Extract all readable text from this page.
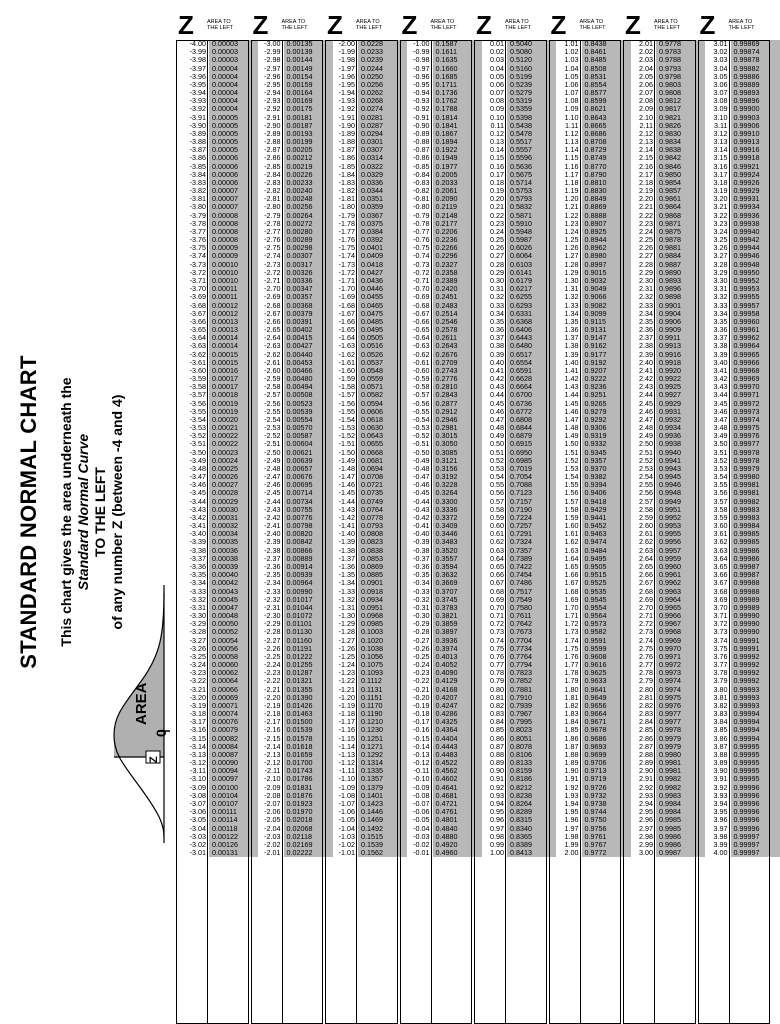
STANDARD NORMAL CHART This chart gives the area underneath the Standard Normal Curve TO THE LEFT of any number Z (between -4 and 4)
AREA
Z
0
Z AREA TO
THE LEFT
-4.00 0.00003
-3.99 0.00003
-3.98 0.00003
-3.97 0.00004
-3.96 0.00004
-3.95 0.00004
-3.94 0.00004
-3.93 0.00004
-3.92 0.00004
-3.91 0.00005
-3.90 0.00005
-3.89 0.00005
-3.88 0.00005
-3.87 0.00005
-3.86 0.00006
-3.85 0.00006
-3.84 0.00006
-3.83 0.00006
-3.82 0.00007
-3.81 0.00007
-3.80 0.00007
-3.79 0.00008
-3.78 0.00008
-3.77 0.00008
-3.76 0.00008
-3.75 0.00009
-3.74 0.00009
-3.73 0.00010
-3.72 0.00010
-3.71 0.00010
-3.70 0.00011
-3.69 0.00011
-3.68 0.00012
-3.67 0.00012
-3.66 0.00013
-3.65 0.00013
-3.64 0.00014
-3.63 0.00014
-3.62 0.00015
-3.61 0.00015
-3.60 0.00016
-3.59 0.00017
-3.58 0.00017
-3.57 0.00018
-3.56 0.00019
-3.55 0.00019
-3.54 0.00020
-3.53 0.00021
-3.52 0.00022
-3.51 0.00022
-3.50 0.00023
-3.49 0.00024
-3.48 0.00025
-3.47 0.00026
-3.46 0.00027
-3.45 0.00028
-3.44 0.00029
-3.43 0.00030
-3.42 0.00031
-3.41 0.00032
-3.40 0.00034
-3.39 0.00035
-3.38 0.00036
-3.37 0.00038
-3.36 0.00039
-3.35 0.00040
-3.34 0.00042
-3.33 0.00043
-3.32 0.00045
-3.31 0.00047
-3.30 0.00048
-3.29 0.00050
-3.28 0.00052
-3.27 0.00054
-3.26 0.00056
-3.25 0.00058
-3.24 0.00060
-3.23 0.00062
-3.22 0.00064
-3.21 0.00066
-3.20 0.00069
-3.19 0.00071
-3.18 0.00074
-3.17 0.00076
-3.16 0.00079
-3.15 0.00082
-3.14 0.00084
-3.13 0.00087
-3.12 0.00090
-3.11 0.00094
-3.10 0.00097
-3.09 0.00100
-3.08 0.00104
-3.07 0.00107
-3.06 0.00111
-3.05 0.00114
-3.04 0.00118
-3.03 0.00122
-3.02 0.00126
-3.01 0.00131
Z AREA TO
THE LEFT
-3.00 0.00135
-2.99 0.00139
-2.98 0.00144
-2.97 0.00149
-2.96 0.00154
-2.95 0.00159
-2.94 0.00164
-2.93 0.00169
-2.92 0.00175
-2.91 0.00181
-2.90 0.00187
-2.89 0.00193
-2.88 0.00199
-2.87 0.00205
-2.86 0.00212
-2.85 0.00219
-2.84 0.00226
-2.83 0.00233
-2.82 0.00240
-2.81 0.00248
-2.80 0.00256
-2.79 0.00264
-2.78 0.00272
-2.77 0.00280
-2.76 0.00289
-2.75 0.00298
-2.74 0.00307
-2.73 0.00317
-2.72 0.00326
-2.71 0.00336
-2.70 0.00347
-2.69 0.00357
-2.68 0.00368
-2.67 0.00379
-2.66 0.00391
-2.65 0.00402
-2.64 0.00415
-2.63 0.00427
-2.62 0.00440
-2.61 0.00453
-2.60 0.00466
-2.59 0.00480
-2.58 0.00494
-2.57 0.00508
-2.56 0.00523
-2.55 0.00539
-2.54 0.00554
-2.53 0.00570
-2.52 0.00587
-2.51 0.00604
-2.50 0.00621
-2.49 0.00639
-2.48 0.00657
-2.47 0.00676
-2.46 0.00695
-2.45 0.00714
-2.44 0.00734
-2.43 0.00755
-2.42 0.00776
-2.41 0.00798
-2.40 0.00820
-2.39 0.00842
-2.38 0.00866
-2.37 0.00889
-2.36 0.00914
-2.35 0.00939
-2.34 0.00964
-2.33 0.00990
-2.32 0.01017
-2.31 0.01044
-2.30 0.01072
-2.29 0.01101
-2.28 0.01130
-2.27 0.01160
-2.26 0.01191
-2.25 0.01222
-2.24 0.01255
-2.23 0.01287
-2.22 0.01321
-2.21 0.01355
-2.20 0.01390
-2.19 0.01426
-2.18 0.01463
-2.17 0.01500
-2.16 0.01539
-2.15 0.01578
-2.14 0.01618
-2.13 0.01659
-2.12 0.01700
-2.11 0.01743
-2.10 0.01786
-2.09 0.01831
-2.08 0.01876
-2.07 0.01923
-2.06 0.01970
-2.05 0.02018
-2.04 0.02068
-2.03 0.02118
-2.02 0.02169
-2.01 0.02222
Z AREA TO
THE LEFT
-2.00 0.0228
-1.99 0.0233
-1.98 0.0239
-1.97 0.0244
-1.96 0.0250
-1.95 0.0256
-1.94 0.0262
-1.93 0.0268
-1.92 0.0274
-1.91 0.0281
-1.90 0.0287
-1.89 0.0294
-1.88 0.0301
-1.87 0.0307
-1.86 0.0314
-1.85 0.0322
-1.84 0.0329
-1.83 0.0336
-1.82 0.0344
-1.81 0.0351
-1.80 0.0359
-1.79 0.0367
-1.78 0.0375
-1.77 0.0384
-1.76 0.0392
-1.75 0.0401
-1.74 0.0409
-1.73 0.0418
-1.72 0.0427
-1.71 0.0436
-1.70 0.0446
-1.69 0.0455
-1.68 0.0465
-1.67 0.0475
-1.66 0.0485
-1.65 0.0495
-1.64 0.0505
-1.63 0.0516
-1.62 0.0526
-1.61 0.0537
-1.60 0.0548
-1.59 0.0559
-1.58 0.0571
-1.57 0.0582
-1.56 0.0594
-1.55 0.0606
-1.54 0.0618
-1.53 0.0630
-1.52 0.0643
-1.51 0.0655
-1.50 0.0668
-1.49 0.0681
-1.48 0.0694
-1.47 0.0708
-1.46 0.0721
-1.45 0.0735
-1.44 0.0749
-1.43 0.0764
-1.42 0.0778
-1.41 0.0793
-1.40 0.0808
-1.39 0.0823
-1.38 0.0838
-1.37 0.0853
-1.36 0.0869
-1.35 0.0885
-1.34 0.0901
-1.33 0.0918
-1.32 0.0934
-1.31 0.0951
-1.30 0.0968
-1.29 0.0985
-1.28 0.1003
-1.27 0.1020
-1.26 0.1038
-1.25 0.1056
-1.24 0.1075
-1.23 0.1093
-1.22 0.1112
-1.21 0.1131
-1.20 0.1151
-1.19 0.1170
-1.18 0.1190
-1.17 0.1210
-1.16 0.1230
-1.15 0.1251
-1.14 0.1271
-1.13 0.1292
-1.12 0.1314
-1.11 0.1335
-1.10 0.1357
-1.09 0.1379
-1.08 0.1401
-1.07 0.1423
-1.06 0.1446
-1.05 0.1469
-1.04 0.1492
-1.03 0.1515
-1.02 0.1539
-1.01 0.1562
Z AREA TO
THE LEFT
-1.00 0.1587
-0.99 0.1611
-0.98 0.1635
-0.97 0.1660
-0.96 0.1685
-0.95 0.1711
-0.94 0.1736
-0.93 0.1762
-0.92 0.1788
-0.91 0.1814
-0.90 0.1841
-0.89 0.1867
-0.88 0.1894
-0.87 0.1922
-0.86 0.1949
-0.85 0.1977
-0.84 0.2005
-0.83 0.2033
-0.82 0.2061
-0.81 0.2090
-0.80 0.2119
-0.79 0.2148
-0.78 0.2177
-0.77 0.2206
-0.76 0.2236
-0.75 0.2266
-0.74 0.2296
-0.73 0.2327
-0.72 0.2358
-0.71 0.2389
-0.70 0.2420
-0.69 0.2451
-0.68 0.2483
-0.67 0.2514
-0.66 0.2546
-0.65 0.2578
-0.64 0.2611
-0.63 0.2643
-0.62 0.2676
-0.61 0.2709
-0.60 0.2743
-0.59 0.2776
-0.58 0.2810
-0.57 0.2843
-0.56 0.2877
-0.55 0.2912
-0.54 0.2946
-0.53 0.2981
-0.52 0.3015
-0.51 0.3050
-0.50 0.3085
-0.49 0.3121
-0.48 0.3156
-0.47 0.3192
-0.46 0.3228
-0.45 0.3264
-0.44 0.3300
-0.43 0.3336
-0.42 0.3372
-0.41 0.3409
-0.40 0.3446
-0.39 0.3483
-0.38 0.3520
-0.37 0.3557
-0.36 0.3594
-0.35 0.3632
-0.34 0.3669
-0.33 0.3707
-0.32 0.3745
-0.31 0.3783
-0.30 0.3821
-0.29 0.3859
-0.28 0.3897
-0.27 0.3936
-0.26 0.3974
-0.25 0.4013
-0.24 0.4052
-0.23 0.4090
-0.22 0.4129
-0.21 0.4168
-0.20 0.4207
-0.19 0.4247
-0.18 0.4286
-0.17 0.4325
-0.16 0.4364
-0.15 0.4404
-0.14 0.4443
-0.13 0.4483
-0.12 0.4522
-0.11 0.4562
-0.10 0.4602
-0.09 0.4641
-0.08 0.4681
-0.07 0.4721
-0.06 0.4761
-0.05 0.4801
-0.04 0.4840
-0.03 0.4880
-0.02 0.4920
-0.01 0.4960
Z AREA TO
THE LEFT
0.01 0.5040
0.02 0.5080
0.03 0.5120
0.04 0.5160
0.05 0.5199
0.06 0.5239
0.07 0.5279
0.08 0.5319
0.09 0.5359
0.10 0.5398
0.11 0.5438
0.12 0.5478
0.13 0.5517
0.14 0.5557
0.15 0.5596
0.16 0.5636
0.17 0.5675
0.18 0.5714
0.19 0.5753
0.20 0.5793
0.21 0.5832
0.22 0.5871
0.23 0.5910
0.24 0.5948
0.25 0.5987
0.26 0.6026
0.27 0.6064
0.28 0.6103
0.29 0.6141
0.30 0.6179
0.31 0.6217
0.32 0.6255
0.33 0.6293
0.34 0.6331
0.35 0.6368
0.36 0.6406
0.37 0.6443
0.38 0.6480
0.39 0.6517
0.40 0.6554
0.41 0.6591
0.42 0.6628
0.43 0.6664
0.44 0.6700
0.45 0.6736
0.46 0.6772
0.47 0.6808
0.48 0.6844
0.49 0.6879
0.50 0.6915
0.51 0.6950
0.52 0.6985
0.53 0.7019
0.54 0.7054
0.55 0.7088
0.56 0.7123
0.57 0.7157
0.58 0.7190
0.59 0.7224
0.60 0.7257
0.61 0.7291
0.62 0.7324
0.63 0.7357
0.64 0.7389
0.65 0.7422
0.66 0.7454
0.67 0.7486
0.68 0.7517
0.69 0.7549
0.70 0.7580
0.71 0.7611
0.72 0.7642
0.73 0.7673
0.74 0.7704
0.75 0.7734
0.76 0.7764
0.77 0.7794
0.78 0.7823
0.79 0.7852
0.80 0.7881
0.81 0.7910
0.82 0.7939
0.83 0.7967
0.84 0.7995
0.85 0.8023
0.86 0.8051
0.87 0.8078
0.88 0.8106
0.89 0.8133
0.90 0.8159
0.91 0.8186
0.92 0.8212
0.93 0.8238
0.94 0.8264
0.95 0.8289
0.96 0.8315
0.97 0.8340
0.98 0.8365
0.99 0.8389
1.00 0.8413
Z AREA TO
THE LEFT
1.01 0.8438
1.02 0.8461
1.03 0.8485
1.04 0.8508
1.05 0.8531
1.06 0.8554
1.07 0.8577
1.08 0.8599
1.09 0.8621
1.10 0.8643
1.11 0.8665
1.12 0.8686
1.13 0.8708
1.14 0.8729
1.15 0.8749
1.16 0.8770
1.17 0.8790
1.18 0.8810
1.19 0.8830
1.20 0.8849
1.21 0.8869
1.22 0.8888
1.23 0.8907
1.24 0.8925
1.25 0.8944
1.26 0.8962
1.27 0.8980
1.28 0.8997
1.29 0.9015
1.30 0.9032
1.31 0.9049
1.32 0.9066
1.33 0.9082
1.34 0.9099
1.35 0.9115
1.36 0.9131
1.37 0.9147
1.38 0.9162
1.39 0.9177
1.40 0.9192
1.41 0.9207
1.42 0.9222
1.43 0.9236
1.44 0.9251
1.45 0.9265
1.46 0.9279
1.47 0.9292
1.48 0.9306
1.49 0.9319
1.50 0.9332
1.51 0.9345
1.52 0.9357
1.53 0.9370
1.54 0.9382
1.55 0.9394
1.56 0.9406
1.57 0.9418
1.58 0.9429
1.59 0.9441
1.60 0.9452
1.61 0.9463
1.62 0.9474
1.63 0.9484
1.64 0.9495
1.65 0.9505
1.66 0.9515
1.67 0.9525
1.68 0.9535
1.69 0.9545
1.70 0.9554
1.71 0.9564
1.72 0.9573
1.73 0.9582
1.74 0.9591
1.75 0.9599
1.76 0.9608
1.77 0.9616
1.78 0.9625
1.79 0.9633
1.80 0.9641
1.81 0.9649
1.82 0.9656
1.83 0.9664
1.84 0.9671
1.85 0.9678
1.86 0.9686
1.87 0.9693
1.88 0.9699
1.89 0.9706
1.90 0.9713
1.91 0.9719
1.92 0.9726
1.93 0.9732
1.94 0.9738
1.95 0.9744
1.96 0.9750
1.97 0.9756
1.98 0.9761
1.99 0.9767
2.00 0.9772
Z AREA TO
THE LEFT
2.01 0.9778
2.02 0.9783
2.03 0.9788
2.04 0.9793
2.05 0.9798
2.06 0.9803
2.07 0.9808
2.08 0.9812
2.09 0.9817
2.10 0.9821
2.11 0.9826
2.12 0.9830
2.13 0.9834
2.14 0.9838
2.15 0.9842
2.16 0.9846
2.17 0.9850
2.18 0.9854
2.19 0.9857
2.20 0.9861
2.21 0.9864
2.22 0.9868
2.23 0.9871
2.24 0.9875
2.25 0.9878
2.26 0.9881
2.27 0.9884
2.28 0.9887
2.29 0.9890
2.30 0.9893
2.31 0.9896
2.32 0.9898
2.33 0.9901
2.34 0.9904
2.35 0.9906
2.36 0.9909
2.37 0.9911
2.38 0.9913
2.39 0.9916
2.40 0.9918
2.41 0.9920
2.42 0.9922
2.43 0.9925
2.44 0.9927
2.45 0.9929
2.46 0.9931
2.47 0.9932
2.48 0.9934
2.49 0.9936
2.50 0.9938
2.51 0.9940
2.52 0.9941
2.53 0.9943
2.54 0.9945
2.55 0.9946
2.56 0.9948
2.57 0.9949
2.58 0.9951
2.59 0.9952
2.60 0.9953
2.61 0.9955
2.62 0.9956
2.63 0.9957
2.64 0.9959
2.65 0.9960
2.66 0.9961
2.67 0.9962
2.68 0.9963
2.69 0.9964
2.70 0.9965
2.71 0.9966
2.72 0.9967
2.73 0.9968
2.74 0.9969
2.75 0.9970
2.76 0.9971
2.77 0.9972
2.78 0.9973
2.79 0.9974
2.80 0.9974
2.81 0.9975
2.82 0.9976
2.83 0.9977
2.84 0.9977
2.85 0.9978
2.86 0.9979
2.87 0.9979
2.88 0.9980
2.89 0.9981
2.90 0.9981
2.91 0.9982
2.92 0.9982
2.93 0.9983
2.94 0.9984
2.95 0.9984
2.96 0.9985
2.97 0.9985
2.98 0.9986
2.99 0.9986
3.00 0.9987
Z AREA TO
THE LEFT
3.01 0.99869
3.02 0.99874
3.03 0.99878
3.04 0.99882
3.05 0.99886
3.06 0.99889
3.07 0.99893
3.08 0.99896
3.09 0.99900
3.10 0.99903
3.11 0.99906
3.12 0.99910
3.13 0.99913
3.14 0.99916
3.15 0.99918
3.16 0.99921
3.17 0.99924
3.18 0.99926
3.19 0.99929
3.20 0.99931
3.21 0.99934
3.22 0.99936
3.23 0.99938
3.24 0.99940
3.25 0.99942
3.26 0.99944
3.27 0.99946
3.28 0.99948
3.29 0.99950
3.30 0.99952
3.31 0.99953
3.32 0.99955
3.33 0.99957
3.34 0.99958
3.35 0.99960
3.36 0.99961
3.37 0.99962
3.38 0.99964
3.39 0.99965
3.40 0.99966
3.41 0.99968
3.42 0.99969
3.43 0.99970
3.44 0.99971
3.45 0.99972
3.46 0.99973
3.47 0.99974
3.48 0.99975
3.49 0.99976
3.50 0.99977
3.51 0.99978
3.52 0.99978
3.53 0.99979
3.54 0.99980
3.55 0.99981
3.56 0.99981
3.57 0.99982
3.58 0.99983
3.59 0.99983
3.60 0.99984
3.61 0.99985
3.62 0.99985
3.63 0.99986
3.64 0.99986
3.65 0.99987
3.66 0.99987
3.67 0.99988
3.68 0.99988
3.69 0.99989
3.70 0.99989
3.71 0.99990
3.72 0.99990
3.73 0.99990
3.74 0.99991
3.75 0.99991
3.76 0.99992
3.77 0.99992
3.78 0.99992
3.79 0.99992
3.80 0.99993
3.81 0.99993
3.82 0.99993
3.83 0.99994
3.84 0.99994
3.85 0.99994
3.86 0.99994
3.87 0.99995
3.88 0.99995
3.89 0.99995
3.90 0.99995
3.91 0.99995
3.92 0.99996
3.93 0.99996
3.94 0.99996
3.95 0.99996
3.96 0.99996
3.97 0.99996
3.98 0.99997
3.99 0.99997
4.00 0.99997
